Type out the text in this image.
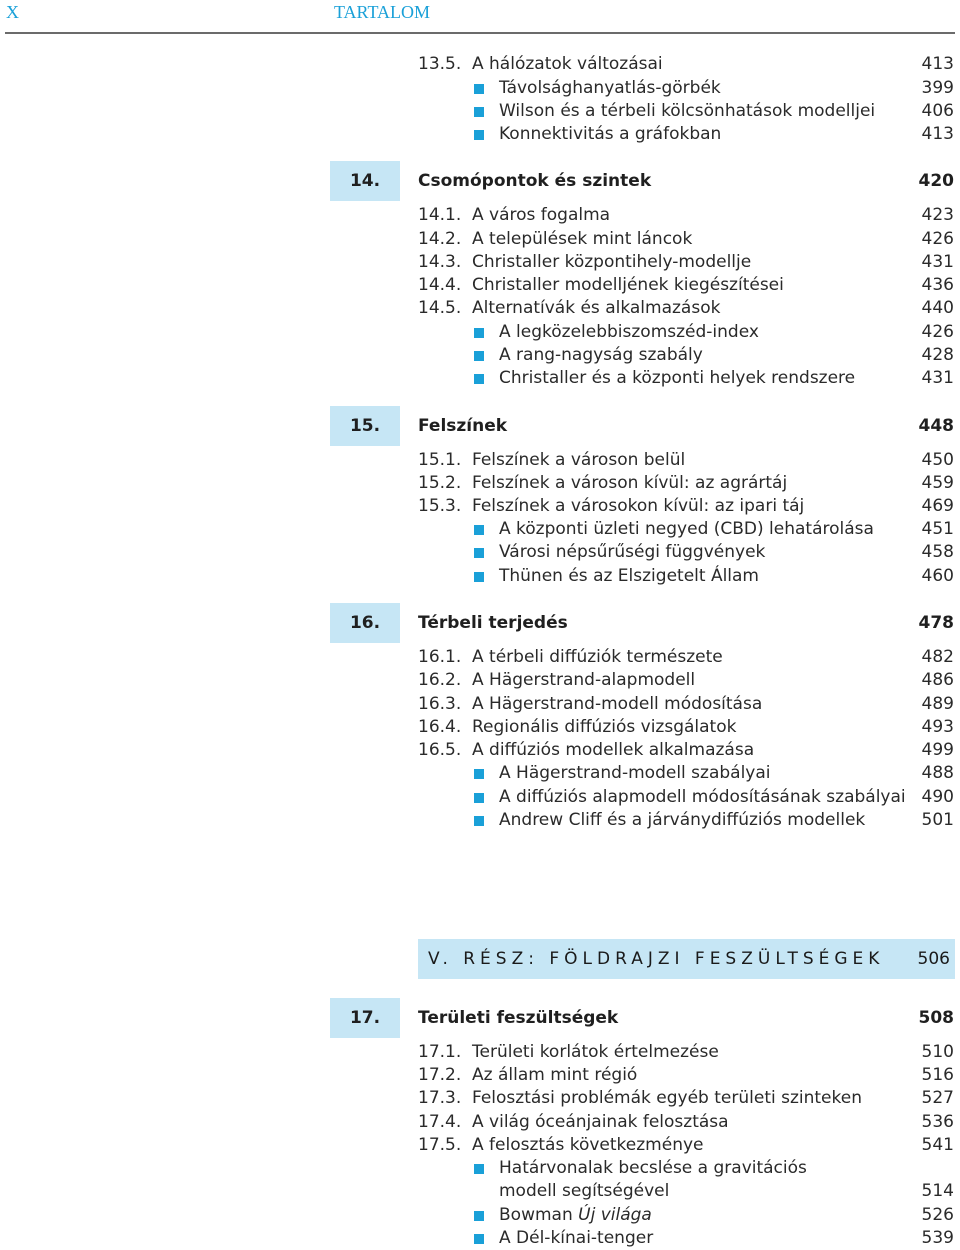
X	TARTALOM
13.5. A hálózatok változásai	413
Távolsághanyatlás-görbék	399
Wilson és a térbeli kölcsönhatások modelljei	406
Konnektivitás a gráfokban	413
14.	Csomópontok és szintek	420
14.1. A város fogalma	423
14.2. A települések mint láncok	426
14.3. Christaller központihely-modellje	431
14.4. Christaller modelljének kiegészítései	436
14.5. Alternatívák és alkalmazások	440
A legközelebbiszomszéd-index	426
A rang-nagyság szabály	428
Christaller és a központi helyek rendszere	431
15.	Felszínek	448
15.1. Felszínek a városon belül	450
15.2. Felszínek a városon kívül: az agrártáj	459
15.3. Felszínek a városokon kívül: az ipari táj	469
A központi üzleti negyed (CBD) lehatárolása	451
Városi népsűrűségi függvények	458
Thünen és az Elszigetelt Állam	460
16.	Térbeli terjedés	478
16.1. A térbeli diffúziók természete	482
16.2. A Hägerstrand-alapmodell	486
16.3. A Hägerstrand-modell módosítása	489
16.4. Regionális diffúziós vizsgálatok	493
16.5. A diffúziós modellek alkalmazása	499
A Hägerstrand-modell szabályai	488
A diffúziós alapmodell módosításának szabályai 490
Andrew Cliff és a járványdiffúziós modellek	501
V. RÉSZ: FÖLDRAJZI FESZÜLTSÉGEK 506
17.	Területi feszültségek	508
17.1. Területi korlátok értelmezése	510
17.2. Az állam mint régió	516
17.3. Felosztási problémák egyéb területi szinteken	527
17.4. A világ óceánjainak felosztása	536
17.5. A felosztás következménye	541
Határvonalak becslése a gravitációs
modell segítségével	514
Bowman Új világa	526
A Dél-kínai-tenger	539
